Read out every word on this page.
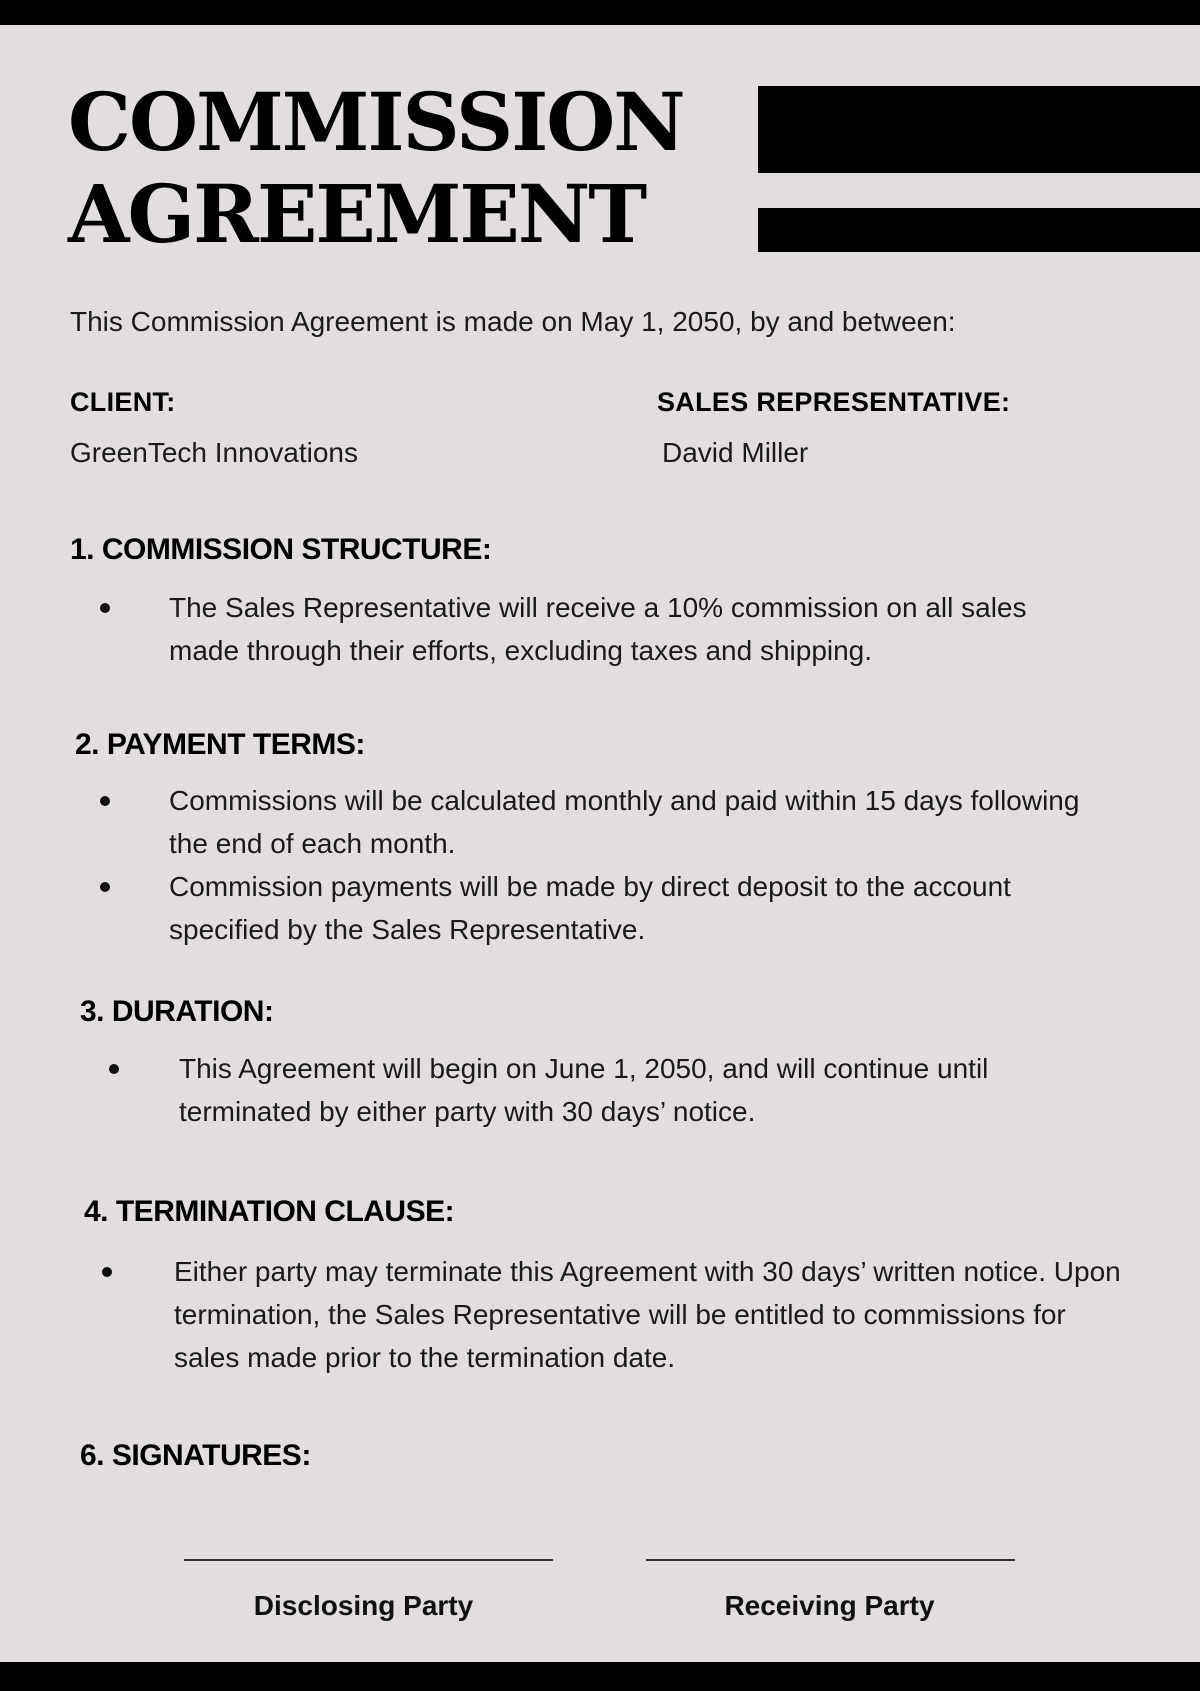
COMMISSION
AGREEMENT

This Commission Agreement is made on May 1, 2050, by and between:

CLIENT:

GreenTech Innovations

SALES REPRESENTATIVE:

David Miller

1. COMMISSION STRUCTURE:
The Sales Representative will receive a 10% commission on all sales made through their efforts, excluding taxes and shipping.
2. PAYMENT TERMS:
Commissions will be calculated monthly and paid within 15 days following the end of each month.
Commission payments will be made by direct deposit to the account specified by the Sales Representative.
3. DURATION:
This Agreement will begin on June 1, 2050, and will continue until terminated by either party with 30 days’ notice.
4. TERMINATION CLAUSE:
Either party may terminate this Agreement with 30 days’ written notice. Upon termination, the Sales Representative will be entitled to commissions for sales made prior to the termination date.
6. SIGNATURES:

Disclosing Party	Receiving Party
